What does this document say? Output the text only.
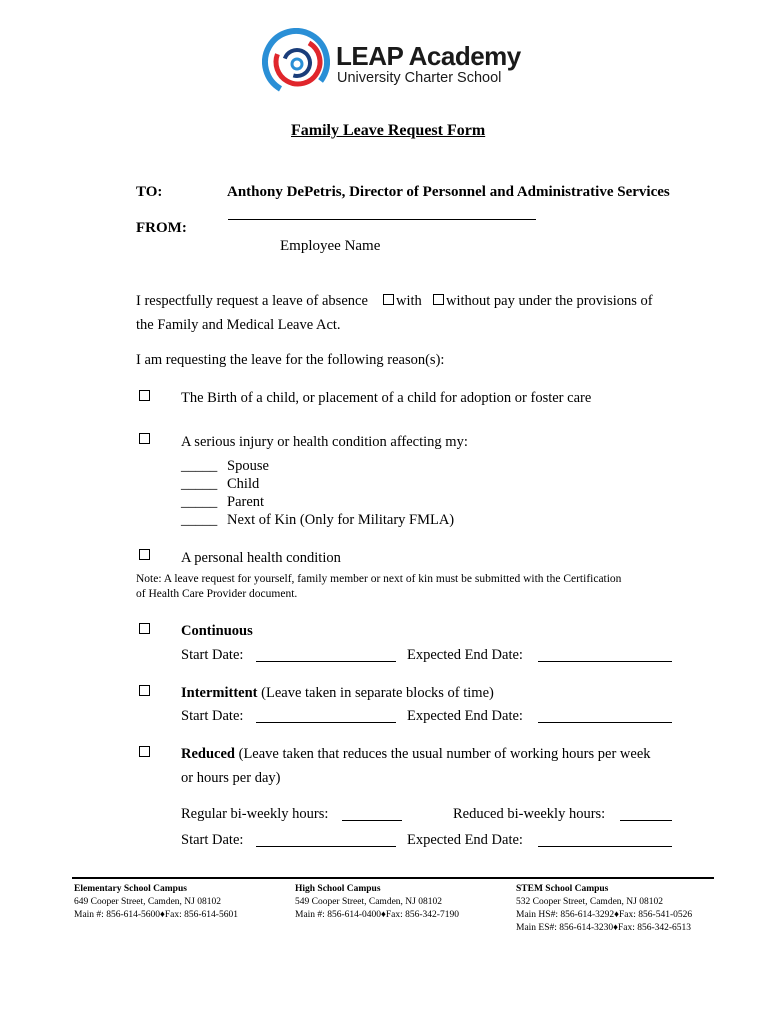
LEAP Academy
University Charter School
Family Leave Request Form
TO:	Anthony DePetris, Director of Personnel and Administrative Services
FROM:
Employee Name
I respectfully request a leave of absence with without pay under the provisions of
the Family and Medical Leave Act.
I am requesting the leave for the following reason(s):
The Birth of a child, or placement of a child for adoption or foster care
A serious injury or health condition affecting my:
_____ Spouse
_____ Child
_____ Parent
_____ Next of Kin (Only for Military FMLA)
A personal health condition
Note: A leave request for yourself, family member or next of kin must be submitted with the Certification
of Health Care Provider document.
Continuous
Start Date:	Expected End Date:
Intermittent (Leave taken in separate blocks of time)
Start Date:	Expected End Date:
Reduced (Leave taken that reduces the usual number of working hours per week
or hours per day)
Regular bi-weekly hours:	Reduced bi-weekly hours:
Start Date:	Expected End Date:
Elementary School Campus
649 Cooper Street, Camden, NJ 08102
Main #: 856-614-5600♦Fax: 856-614-5601
High School Campus
549 Cooper Street, Camden, NJ 08102
Main #: 856-614-0400♦Fax: 856-342-7190
STEM School Campus
532 Cooper Street, Camden, NJ 08102
Main HS#: 856-614-3292♦Fax: 856-541-0526
Main ES#: 856-614-3230♦Fax: 856-342-6513
